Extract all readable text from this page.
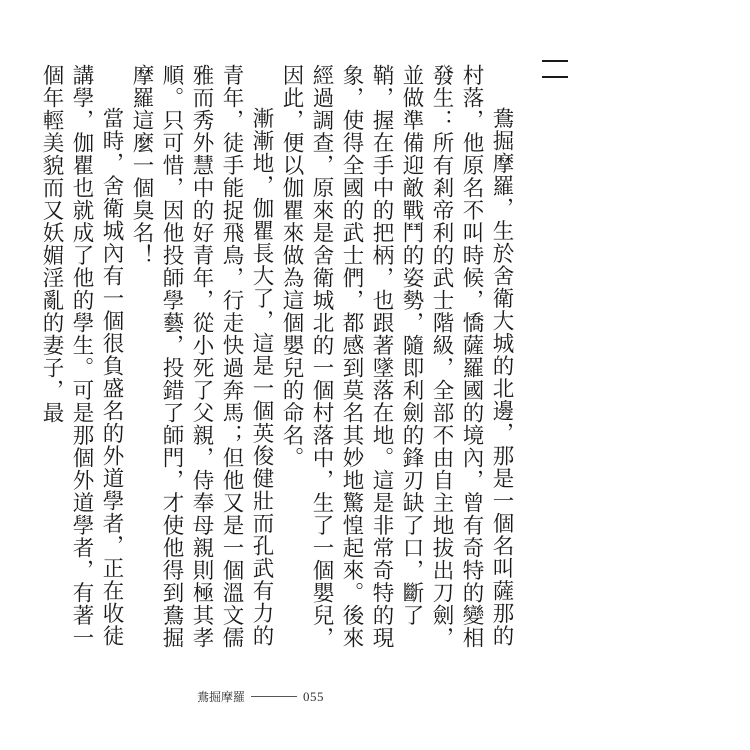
鴦掘摩羅，生於舍衛大城的北邊，那是一個名叫薩那的村落，他原名不叫時候，憍薩羅國的境內，曾有奇特的變相發生：所有剎帝利的武士階級，全部不由自主地拔出刀劍，並做準備迎敵戰鬥的姿勢，隨即利劍的鋒刃缺了口，斷了鞘，握在手中的把柄，也跟著墜落在地。這是非常奇特的現象，使得全國的武士們，都感到莫名其妙地驚惶起來。後來經過調查，原來是舍衛城北的一個村落中，生了一個嬰兒，因此，便以伽瞿來做為這個嬰兒的命名。

漸漸地，伽瞿長大了，這是一個英俊健壯而孔武有力的青年，徒手能捉飛鳥，行走快過奔馬；但他又是一個溫文儒雅而秀外慧中的好青年，從小死了父親，侍奉母親則極其孝順。只可惜，因他投師學藝，投錯了師門，才使他得到鴦掘摩羅這麼一個臭名！

當時，舍衛城內有一個很負盛名的外道學者，正在收徒講學，伽瞿也就成了他的學生。可是那個外道學者，有著一個年輕美貌而又妖媚淫亂的妻子，最

鴦掘摩羅	055
